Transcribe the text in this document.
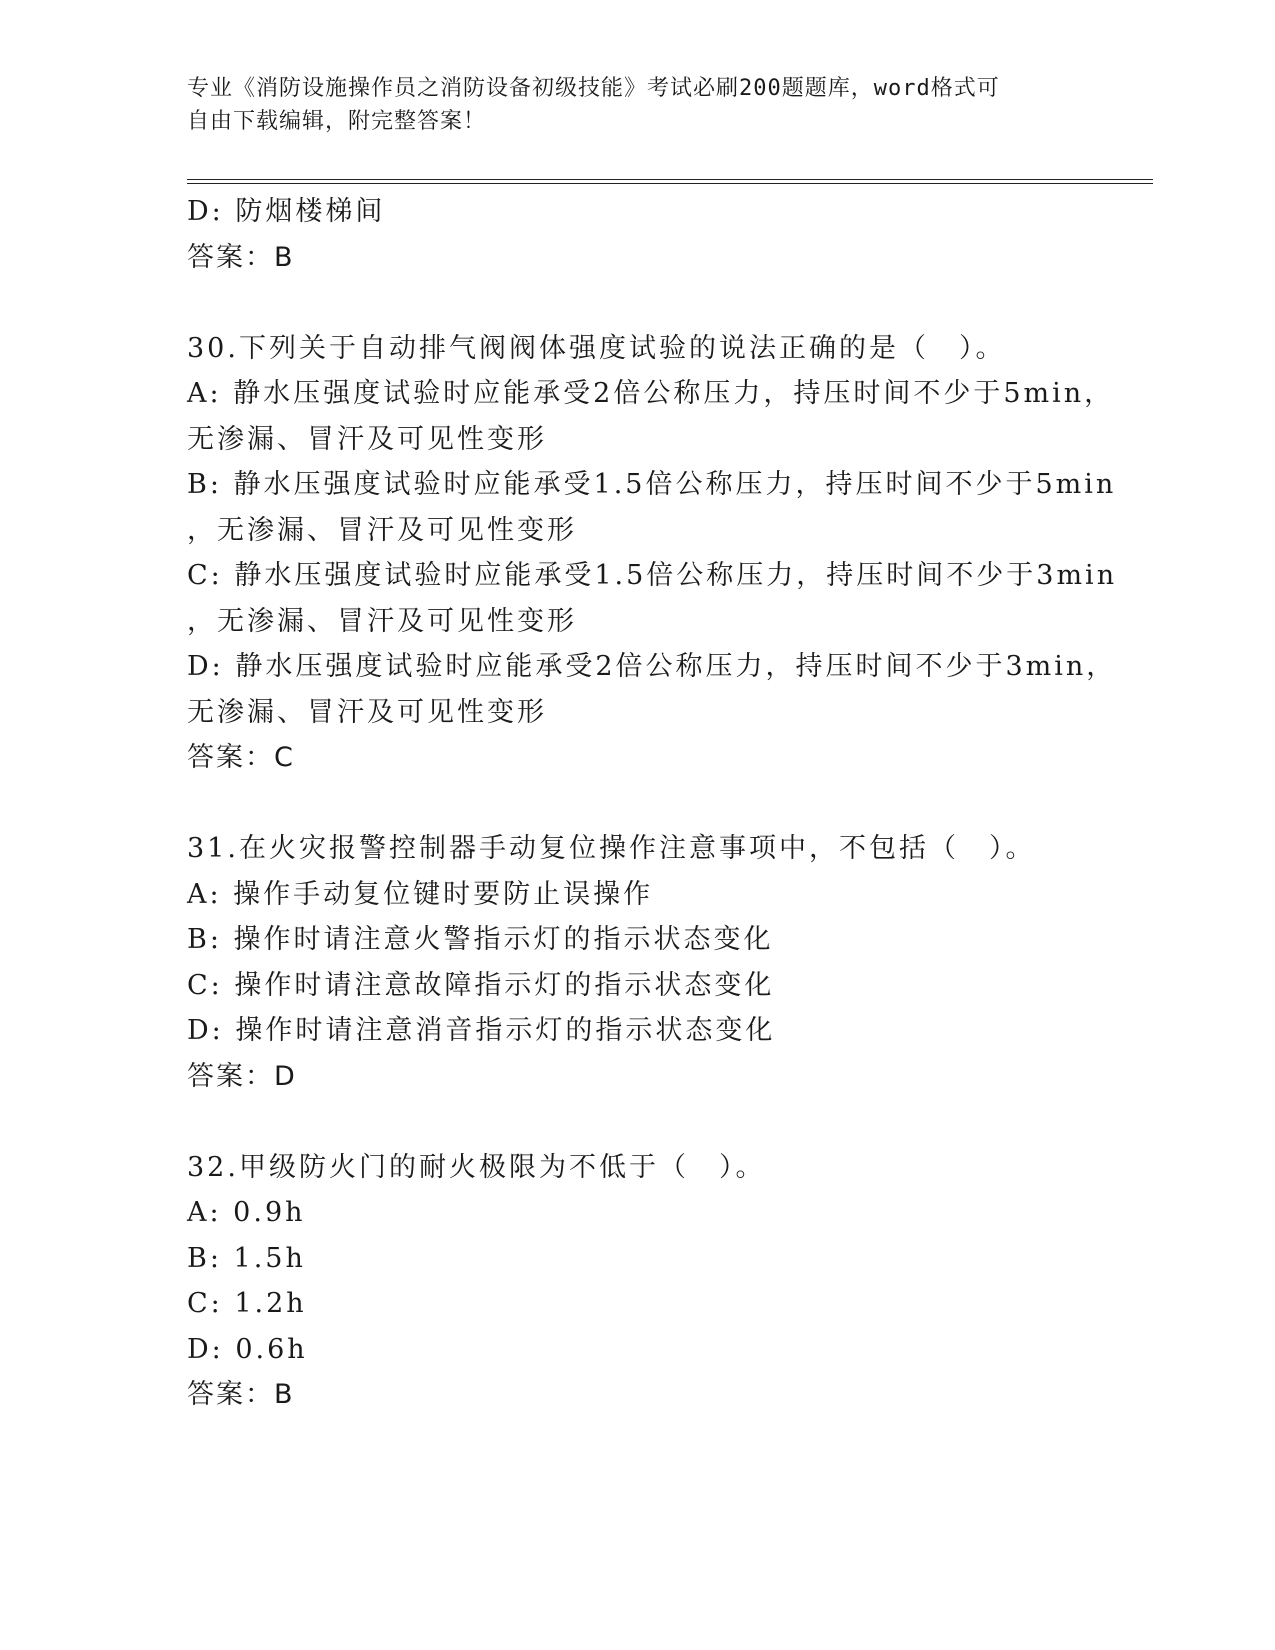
专业《消防设施操作员之消防设备初级技能》考试必刷200题题库，word格式可
自由下载编辑，附完整答案！
D: 防烟楼梯间
答案：B
30.下列关于自动排气阀阀体强度试验的说法正确的是（　）。
A: 静水压强度试验时应能承受2倍公称压力，持压时间不少于5min，
无渗漏、冒汗及可见性变形
B: 静水压强度试验时应能承受1.5倍公称压力，持压时间不少于5min
，无渗漏、冒汗及可见性变形
C: 静水压强度试验时应能承受1.5倍公称压力，持压时间不少于3min
，无渗漏、冒汗及可见性变形
D: 静水压强度试验时应能承受2倍公称压力，持压时间不少于3min，
无渗漏、冒汗及可见性变形
答案：C
31.在火灾报警控制器手动复位操作注意事项中，不包括（　）。
A: 操作手动复位键时要防止误操作
B: 操作时请注意火警指示灯的指示状态变化
C: 操作时请注意故障指示灯的指示状态变化
D: 操作时请注意消音指示灯的指示状态变化
答案：D
32.甲级防火门的耐火极限为不低于（　）。
A: 0.9h
B: 1.5h
C: 1.2h
D: 0.6h
答案：B
